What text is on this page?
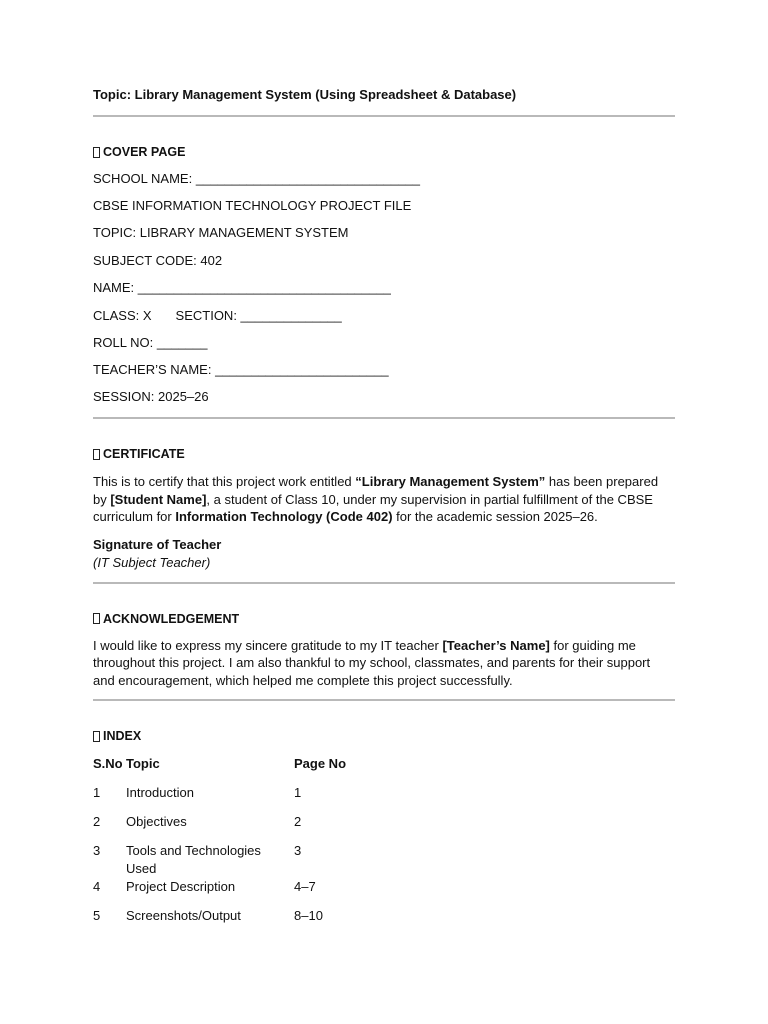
Topic: Library Management System (Using Spreadsheet & Database)

COVER PAGE

SCHOOL NAME: _______________________________

CBSE INFORMATION TECHNOLOGY PROJECT FILE

TOPIC: LIBRARY MANAGEMENT SYSTEM

SUBJECT CODE: 402

NAME: ___________________________________

CLASS: X SECTION: ______________

ROLL NO: _______

TEACHER’S NAME: ________________________

SESSION: 2025–26

CERTIFICATE

This is to certify that this project work entitled “Library Management System” has been prepared by [Student Name], a student of Class 10, under my supervision in partial fulfillment of the CBSE curriculum for Information Technology (Code 402) for the academic session 2025–26.

Signature of Teacher

(IT Subject Teacher)

ACKNOWLEDGEMENT

I would like to express my sincere gratitude to my IT teacher [Teacher’s Name] for guiding me throughout this project. I am also thankful to my school, classmates, and parents for their support and encouragement, which helped me complete this project successfully.

INDEX

S.No	Topic	Page No
1	Introduction	1
2	Objectives	2
3	Tools and Technologies Used	3
4	Project Description	4–7
5	Screenshots/Output	8–10
